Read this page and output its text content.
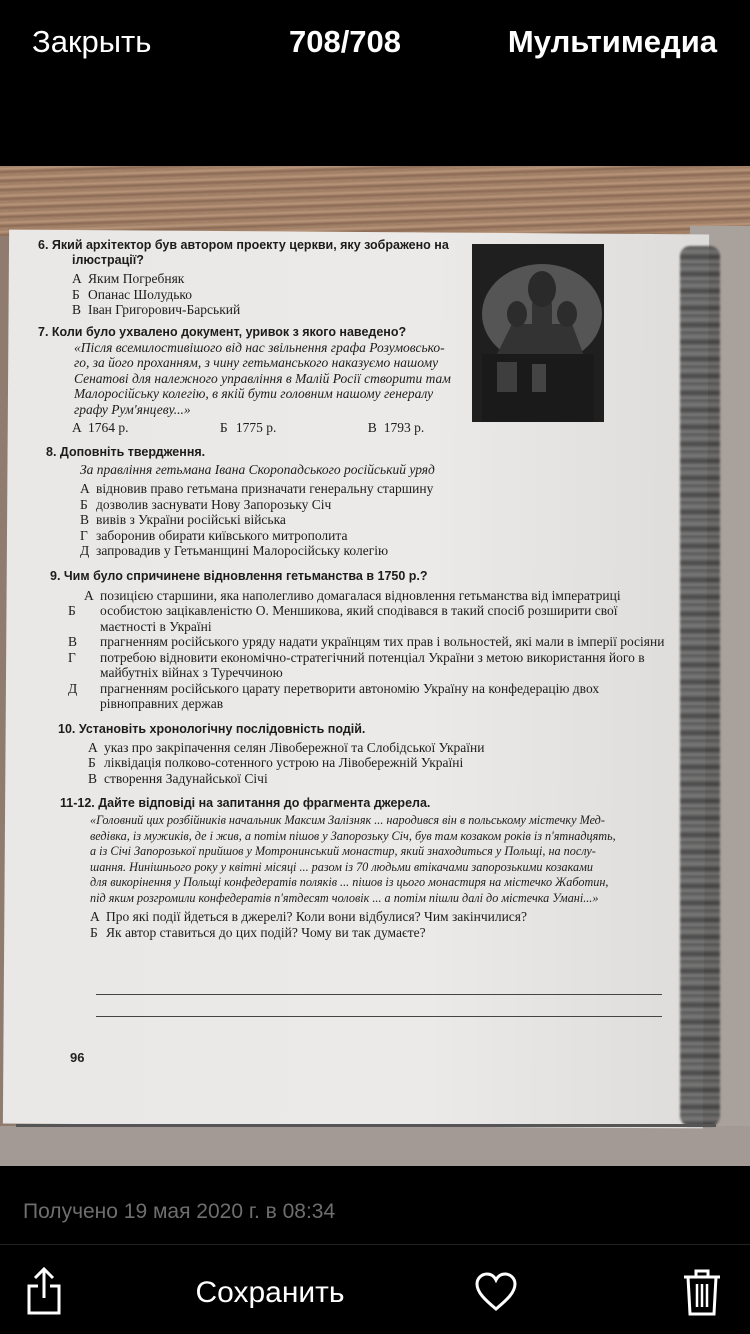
Закрыть	708/708	Мультимедиа
6. Який архітектор був автором проекту церкви, яку зображено на
ілюстрації?
А Яким Погребняк
Б Опанас Шолудько
В Іван Григорович-Барський
7. Коли було ухвалено документ, уривок з якого наведено?
«Після всемилостивішого від нас звільнення графа Розумовсько-
го, за його проханням, з чину гетьманського наказуємо нашому
Сенатові для належного управління в Малій Росії створити там
Малоросійську колегію, в якій бути головним нашому генералу
графу Рум'янцеву...»
А 1764 р.	Б 1775 р.	В 1793 р.
8. Доповніть твердження.
За правління гетьмана Івана Скоропадського російський уряд
А відновив право гетьмана призначати генеральну старшину
Б дозволив заснувати Нову Запорозьку Січ
В вивів з України російські війська
Г заборонив обирати київського митрополита
Д запровадив у Гетьманщині Малоросійську колегію
9. Чим було спричинене відновлення гетьманства в 1750 р.?
А позицією старшини, яка наполегливо домагалася відновлення гетьманства від імператриці
Б особистою зацікавленістю О. Меншикова, який сподівався в такий спосіб розширити свої маєтності в Україні
В прагненням російського уряду надати українцям тих прав і вольностей, які мали в імперії росіяни
Г потребою відновити економічно-стратегічний потенціал України з метою використання його в майбутніх війнах з Туреччиною
Д прагненням російського царату перетворити автономію Україну на конфедерацію двох рівноправних держав
10. Установіть хронологічну послідовність подій.
А указ про закріпачення селян Лівобережної та Слобідської України
Б ліквідація полково-сотенного устрою на Лівобережній Україні
В створення Задунайської Січі
11-12. Дайте відповіді на запитання до фрагмента джерела.
«Головний цих розбійників начальник Максим Залізняк ... народився він в польському містечку Мед-
ведівка, із мужиків, де і жив, а потім пішов у Запорозьку Січ, був там козаком років із п'ятнадцять,
а із Січі Запорозької прийшов у Мотронинський монастир, який знаходиться у Польщі, на послу-
шання. Нинішнього року у квітні місяці ... разом із 70 людьми втікачами запорозькими козаками
для викорінення у Польщі конфедератів поляків ... пішов із цього монастиря на містечко Жаботин,
під яким розгромили конфедератів п'ятдесят чоловік ... а потім пішли далі до містечка Умані...»
А Про які події йдеться в джерелі? Коли вони відбулися? Чим закінчилися?
Б Як автор ставиться до цих подій? Чому ви так думаєте?
96
Получено 19 мая 2020 г. в 08:34
Сохранить
